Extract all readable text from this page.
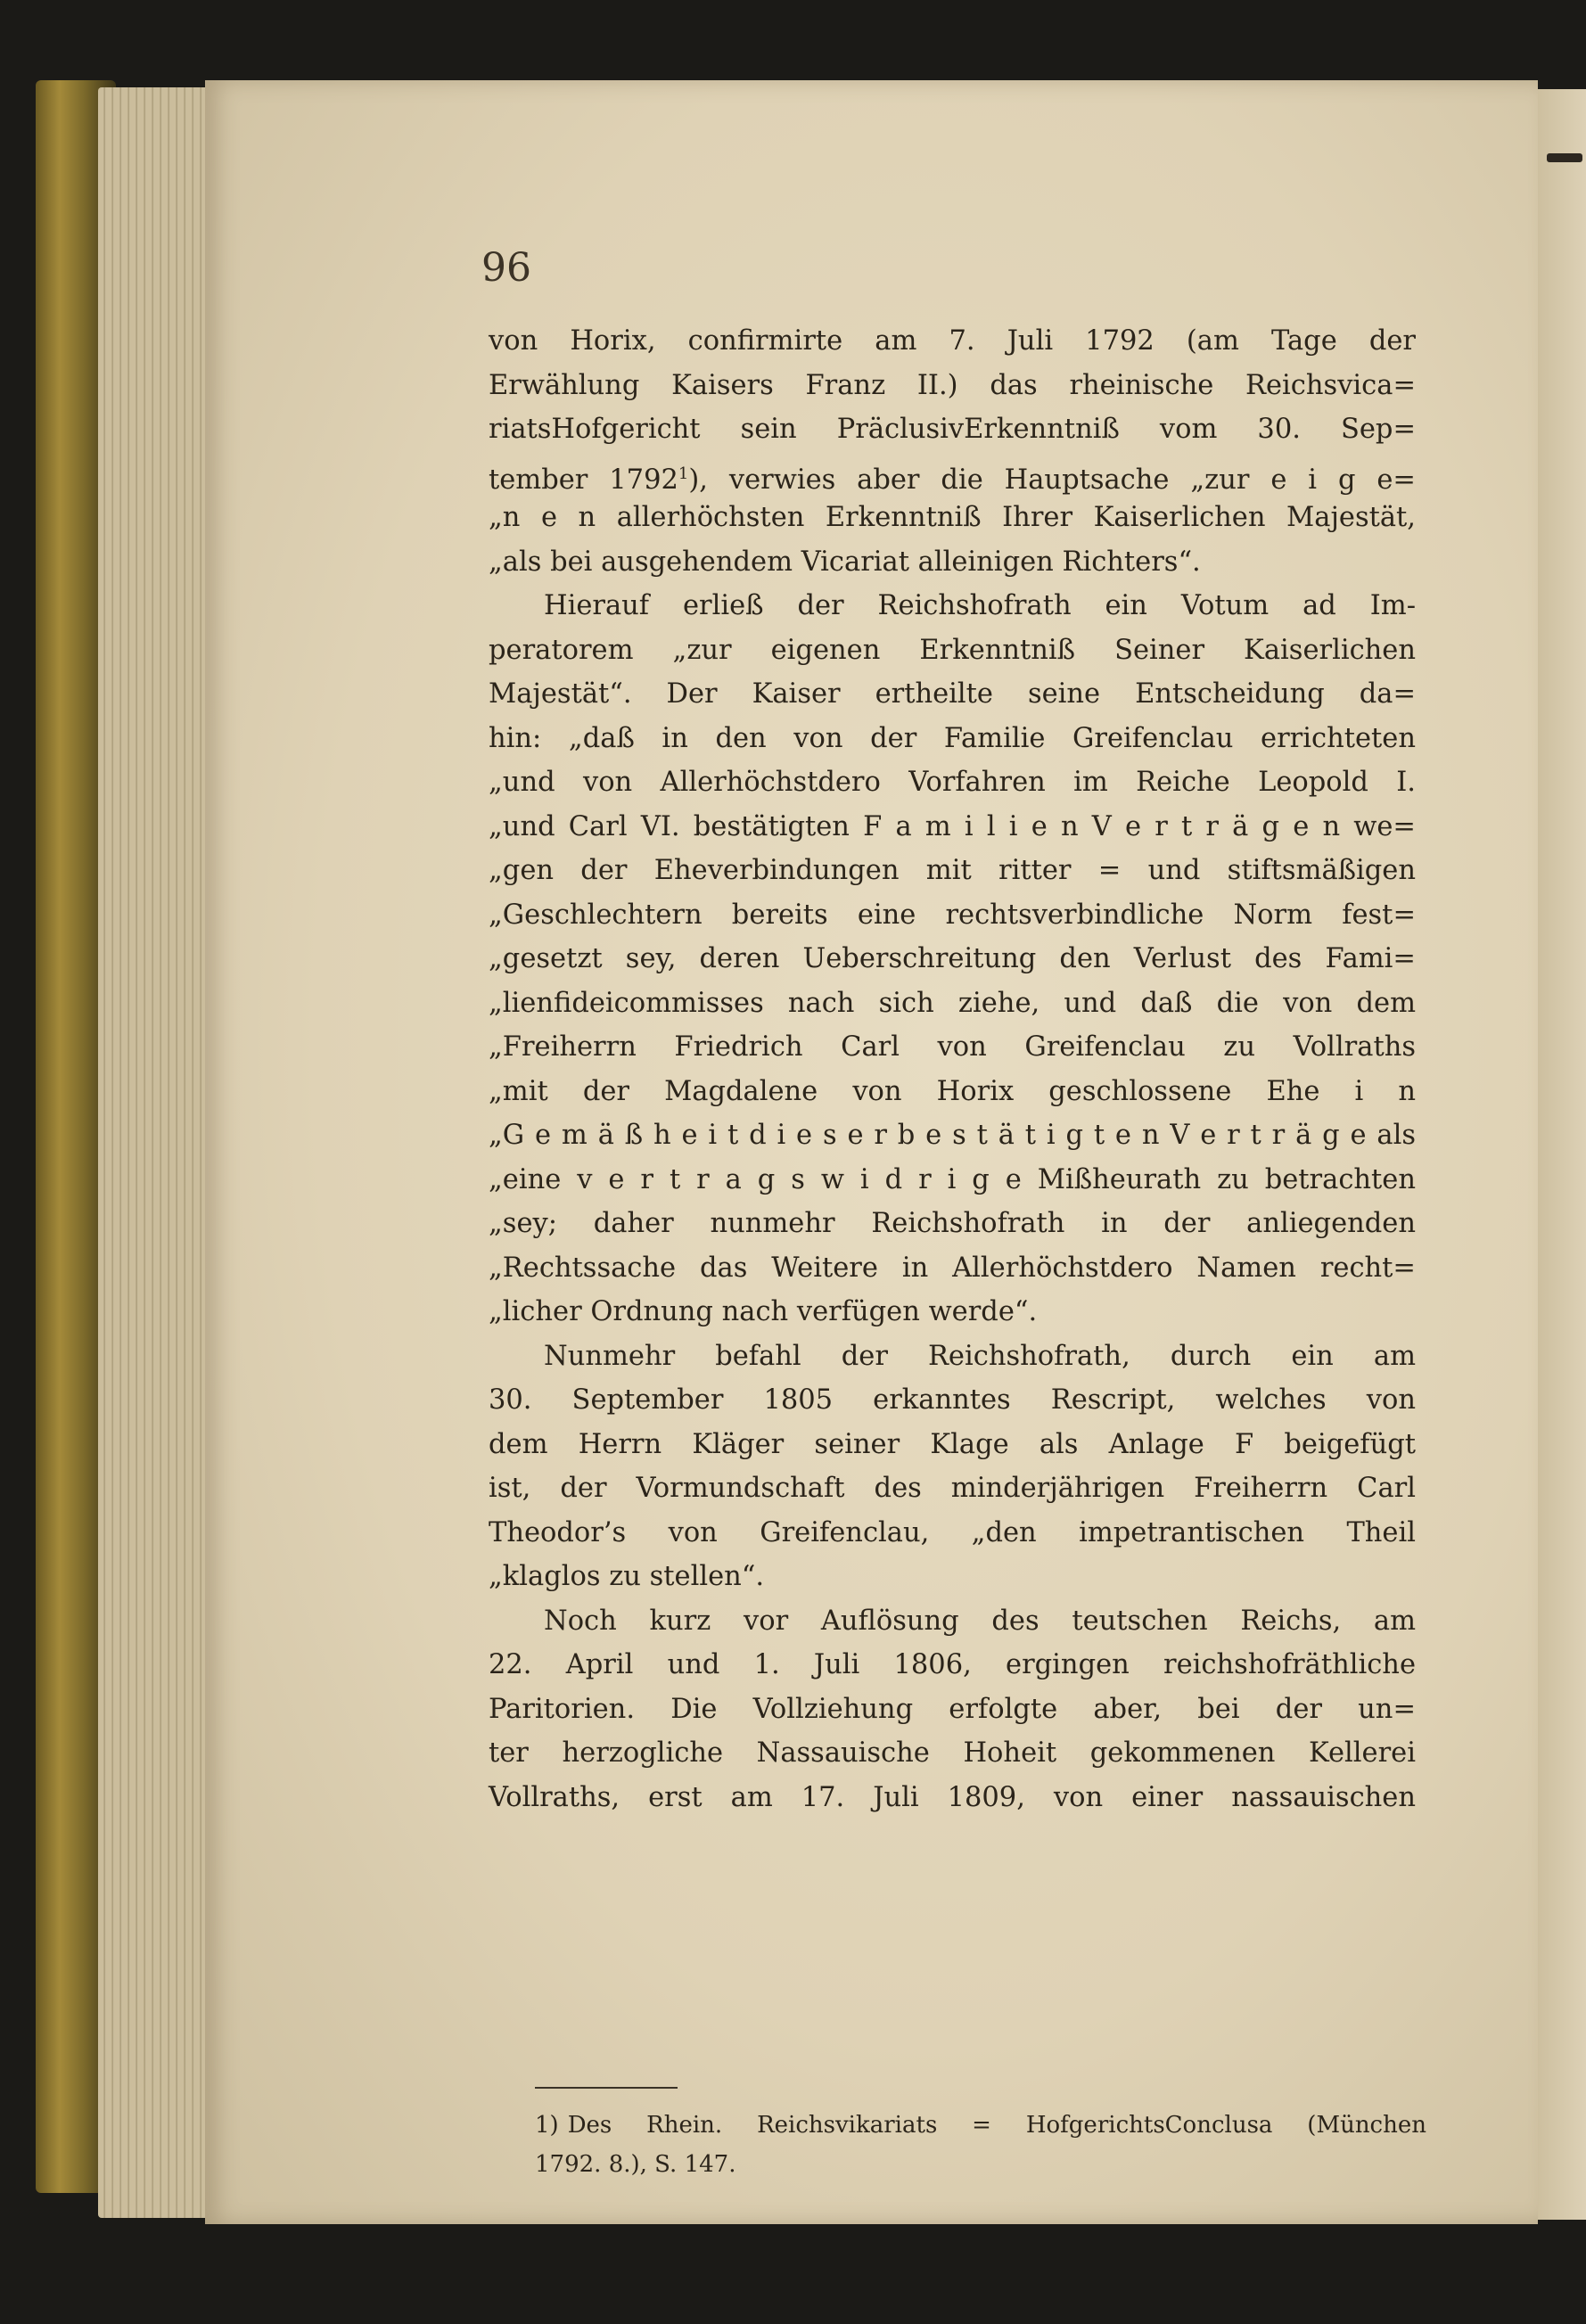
96
von Horix, confirmirte am 7. Juli 1792 (am Tage der
Erwählung Kaisers Franz II.) das rheinische Reichsvica=
riatsHofgericht sein PräclusivErkenntniß vom 30. Sep=
tember 1792$^1$), verwies aber die Hauptsache „zur e i g e=
„n e n allerhöchsten Erkenntniß Ihrer Kaiserlichen Majestät,
„als bei ausgehendem Vicariat alleinigen Richters“.
Hierauf erließ der Reichshofrath ein Votum ad Im-
peratorem „zur eigenen Erkenntniß Seiner Kaiserlichen
Majestät“. Der Kaiser ertheilte seine Entscheidung da=
hin: „daß in den von der Familie Greifenclau errichteten
„und von Allerhöchstdero Vorfahren im Reiche Leopold I.
„und Carl VI. bestätigten F a m i l i e n V e r t r ä g e n we=
„gen der Eheverbindungen mit ritter = und stiftsmäßigen
„Geschlechtern bereits eine rechtsverbindliche Norm fest=
„gesetzt sey, deren Ueberschreitung den Verlust des Fami=
„lienfideicommisses nach sich ziehe, und daß die von dem
„Freiherrn Friedrich Carl von Greifenclau zu Vollraths
„mit der Magdalene von Horix geschlossene Ehe i n
„G e m ä ß h e i t d i e s e r b e s t ä t i g t e n V e r t r ä g e als
„eine v e r t r a g s w i d r i g e Mißheurath zu betrachten
„sey; daher nunmehr Reichshofrath in der anliegenden
„Rechtssache das Weitere in Allerhöchstdero Namen recht=
„licher Ordnung nach verfügen werde“.
Nunmehr befahl der Reichshofrath, durch ein am
30. September 1805 erkanntes Rescript, welches von
dem Herrn Kläger seiner Klage als Anlage F beigefügt
ist, der Vormundschaft des minderjährigen Freiherrn Carl
Theodor’s von Greifenclau, „den impetrantischen Theil
„klaglos zu stellen“.
Noch kurz vor Auflösung des teutschen Reichs, am
22. April und 1. Juli 1806, ergingen reichshofräthliche
Paritorien. Die Vollziehung erfolgte aber, bei der un=
ter herzogliche Nassauische Hoheit gekommenen Kellerei
Vollraths, erst am 17. Juli 1809, von einer nassauischen
1) Des Rhein. Reichsvikariats = HofgerichtsConclusa (München
1792. 8.), S. 147.
